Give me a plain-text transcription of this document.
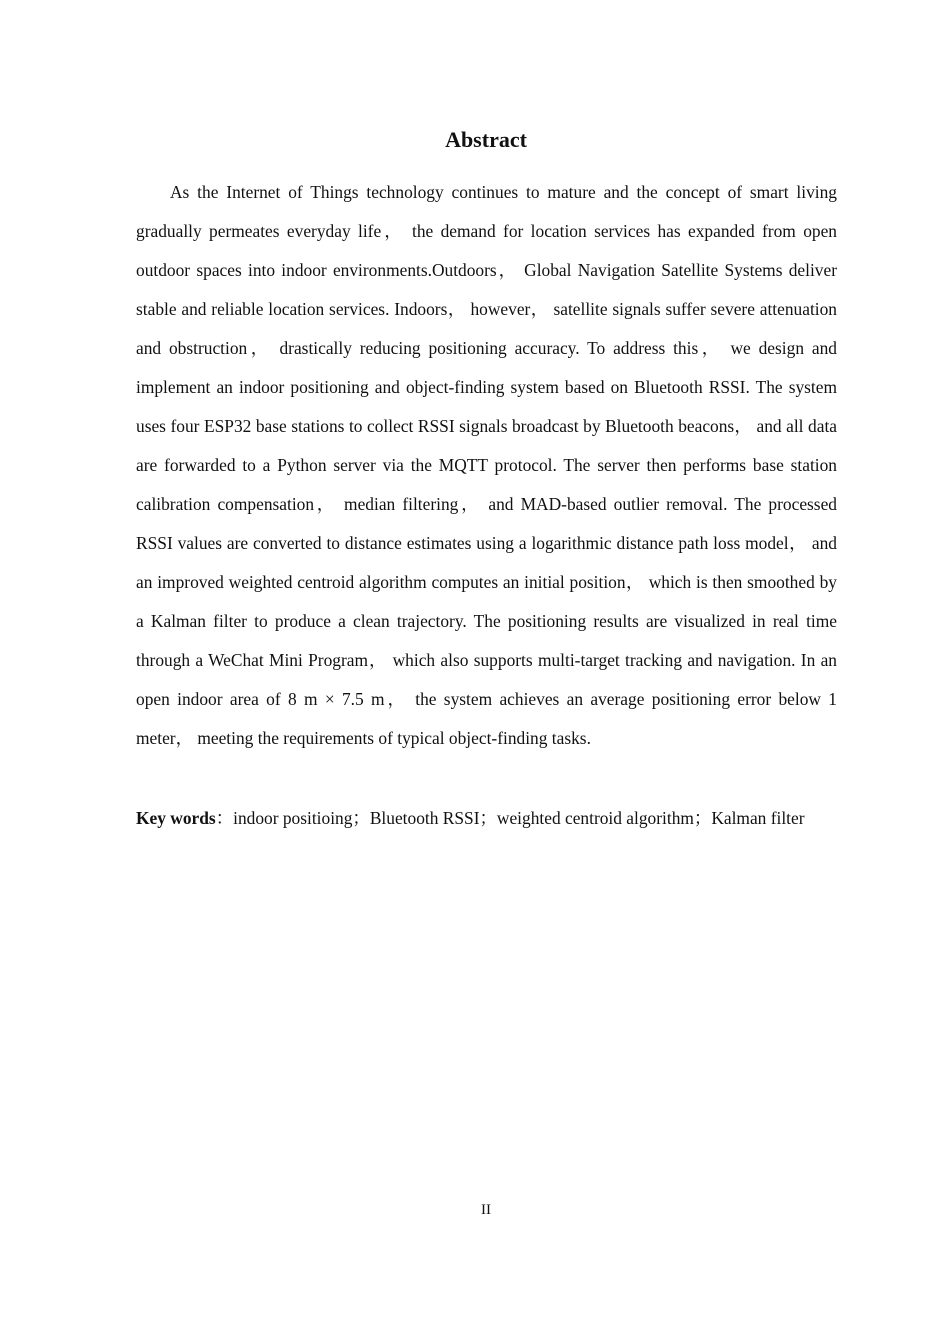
Abstract

As the Internet of Things technology continues to mature and the concept of smart living gradually permeates everyday life， the demand for location services has expanded from open outdoor spaces into indoor environments.Outdoors， Global Navigation Satellite Systems deliver stable and reliable location services. Indoors， however， satellite signals suffer severe attenuation and obstruction， drastically reducing positioning accuracy. To address this， we design and implement an indoor positioning and object-finding system based on Bluetooth RSSI. The system uses four ESP32 base stations to collect RSSI signals broadcast by Bluetooth beacons， and all data are forwarded to a Python server via the MQTT protocol. The server then performs base station calibration compensation， median filtering， and MAD-based outlier removal. The processed RSSI values are converted to distance estimates using a logarithmic distance path loss model， and an improved weighted centroid algorithm computes an initial position， which is then smoothed by a Kalman filter to produce a clean trajectory. The positioning results are visualized in real time through a WeChat Mini Program， which also supports multi-target tracking and navigation. In an open indoor area of 8 m × 7.5 m， the system achieves an average positioning error below 1 meter， meeting the requirements of typical object-finding tasks.

Key words：indoor positioing；Bluetooth RSSI；weighted centroid algorithm；Kalman filter

II
